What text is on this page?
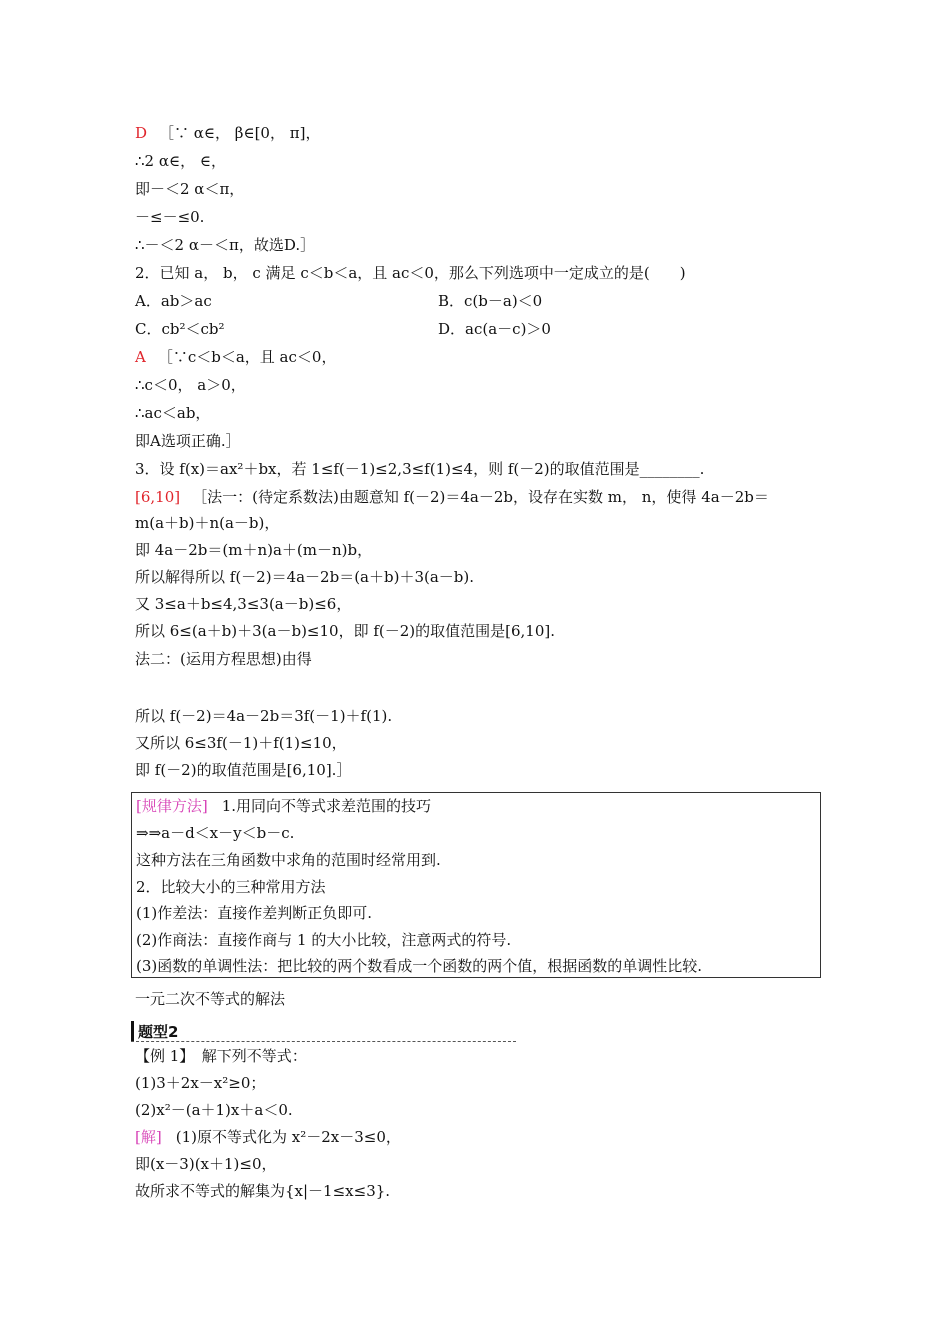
D ［∵ α∈， β∈[0， π]，
∴2 α∈， ∈，
即－＜2 α＜π，
－≤－≤0.
∴－＜2 α－＜π，故选D.］
2．已知 a， b， c 满足 c＜b＜a，且 ac＜0，那么下列选项中一定成立的是(　　)
A．ab＞ac	B．c(b－a)＜0
C．cb²＜cb²	D．ac(a－c)＞0
A ［∵c＜b＜a，且 ac＜0，
∴c＜0， a＞0，
∴ac＜ab，
即A选项正确.］
3．设 f(x)＝ax²＋bx，若 1≤f(－1)≤2,3≤f(1)≤4，则 f(－2)的取值范围是________.
[6,10] ［法一：(待定系数法)由题意知 f(－2)＝4a－2b，设存在实数 m， n，使得 4a－2b＝
m(a＋b)＋n(a－b)，
即 4a－2b＝(m＋n)a＋(m－n)b，
所以解得所以 f(－2)＝4a－2b＝(a＋b)＋3(a－b).
又 3≤a＋b≤4,3≤3(a－b)≤6，
所以 6≤(a＋b)＋3(a－b)≤10，即 f(－2)的取值范围是[6,10].
法二：(运用方程思想)由得
所以 f(－2)＝4a－2b＝3f(－1)＋f(1).
又所以 6≤3f(－1)＋f(1)≤10，
即 f(－2)的取值范围是[6,10].］
[规律方法] 1.用同向不等式求差范围的技巧
⇒⇒a－d＜x－y＜b－c.
这种方法在三角函数中求角的范围时经常用到.
2．比较大小的三种常用方法
(1)作差法：直接作差判断正负即可.
(2)作商法：直接作商与 1 的大小比较，注意两式的符号.
(3)函数的单调性法：把比较的两个数看成一个函数的两个值，根据函数的单调性比较.
一元二次不等式的解法
题型2
【例 1】　解下列不等式：
(1)3＋2x－x²≥0；
(2)x²－(a＋1)x＋a＜0.
[解] (1)原不等式化为 x²－2x－3≤0，
即(x－3)(x＋1)≤0，
故所求不等式的解集为{x|－1≤x≤3}.
